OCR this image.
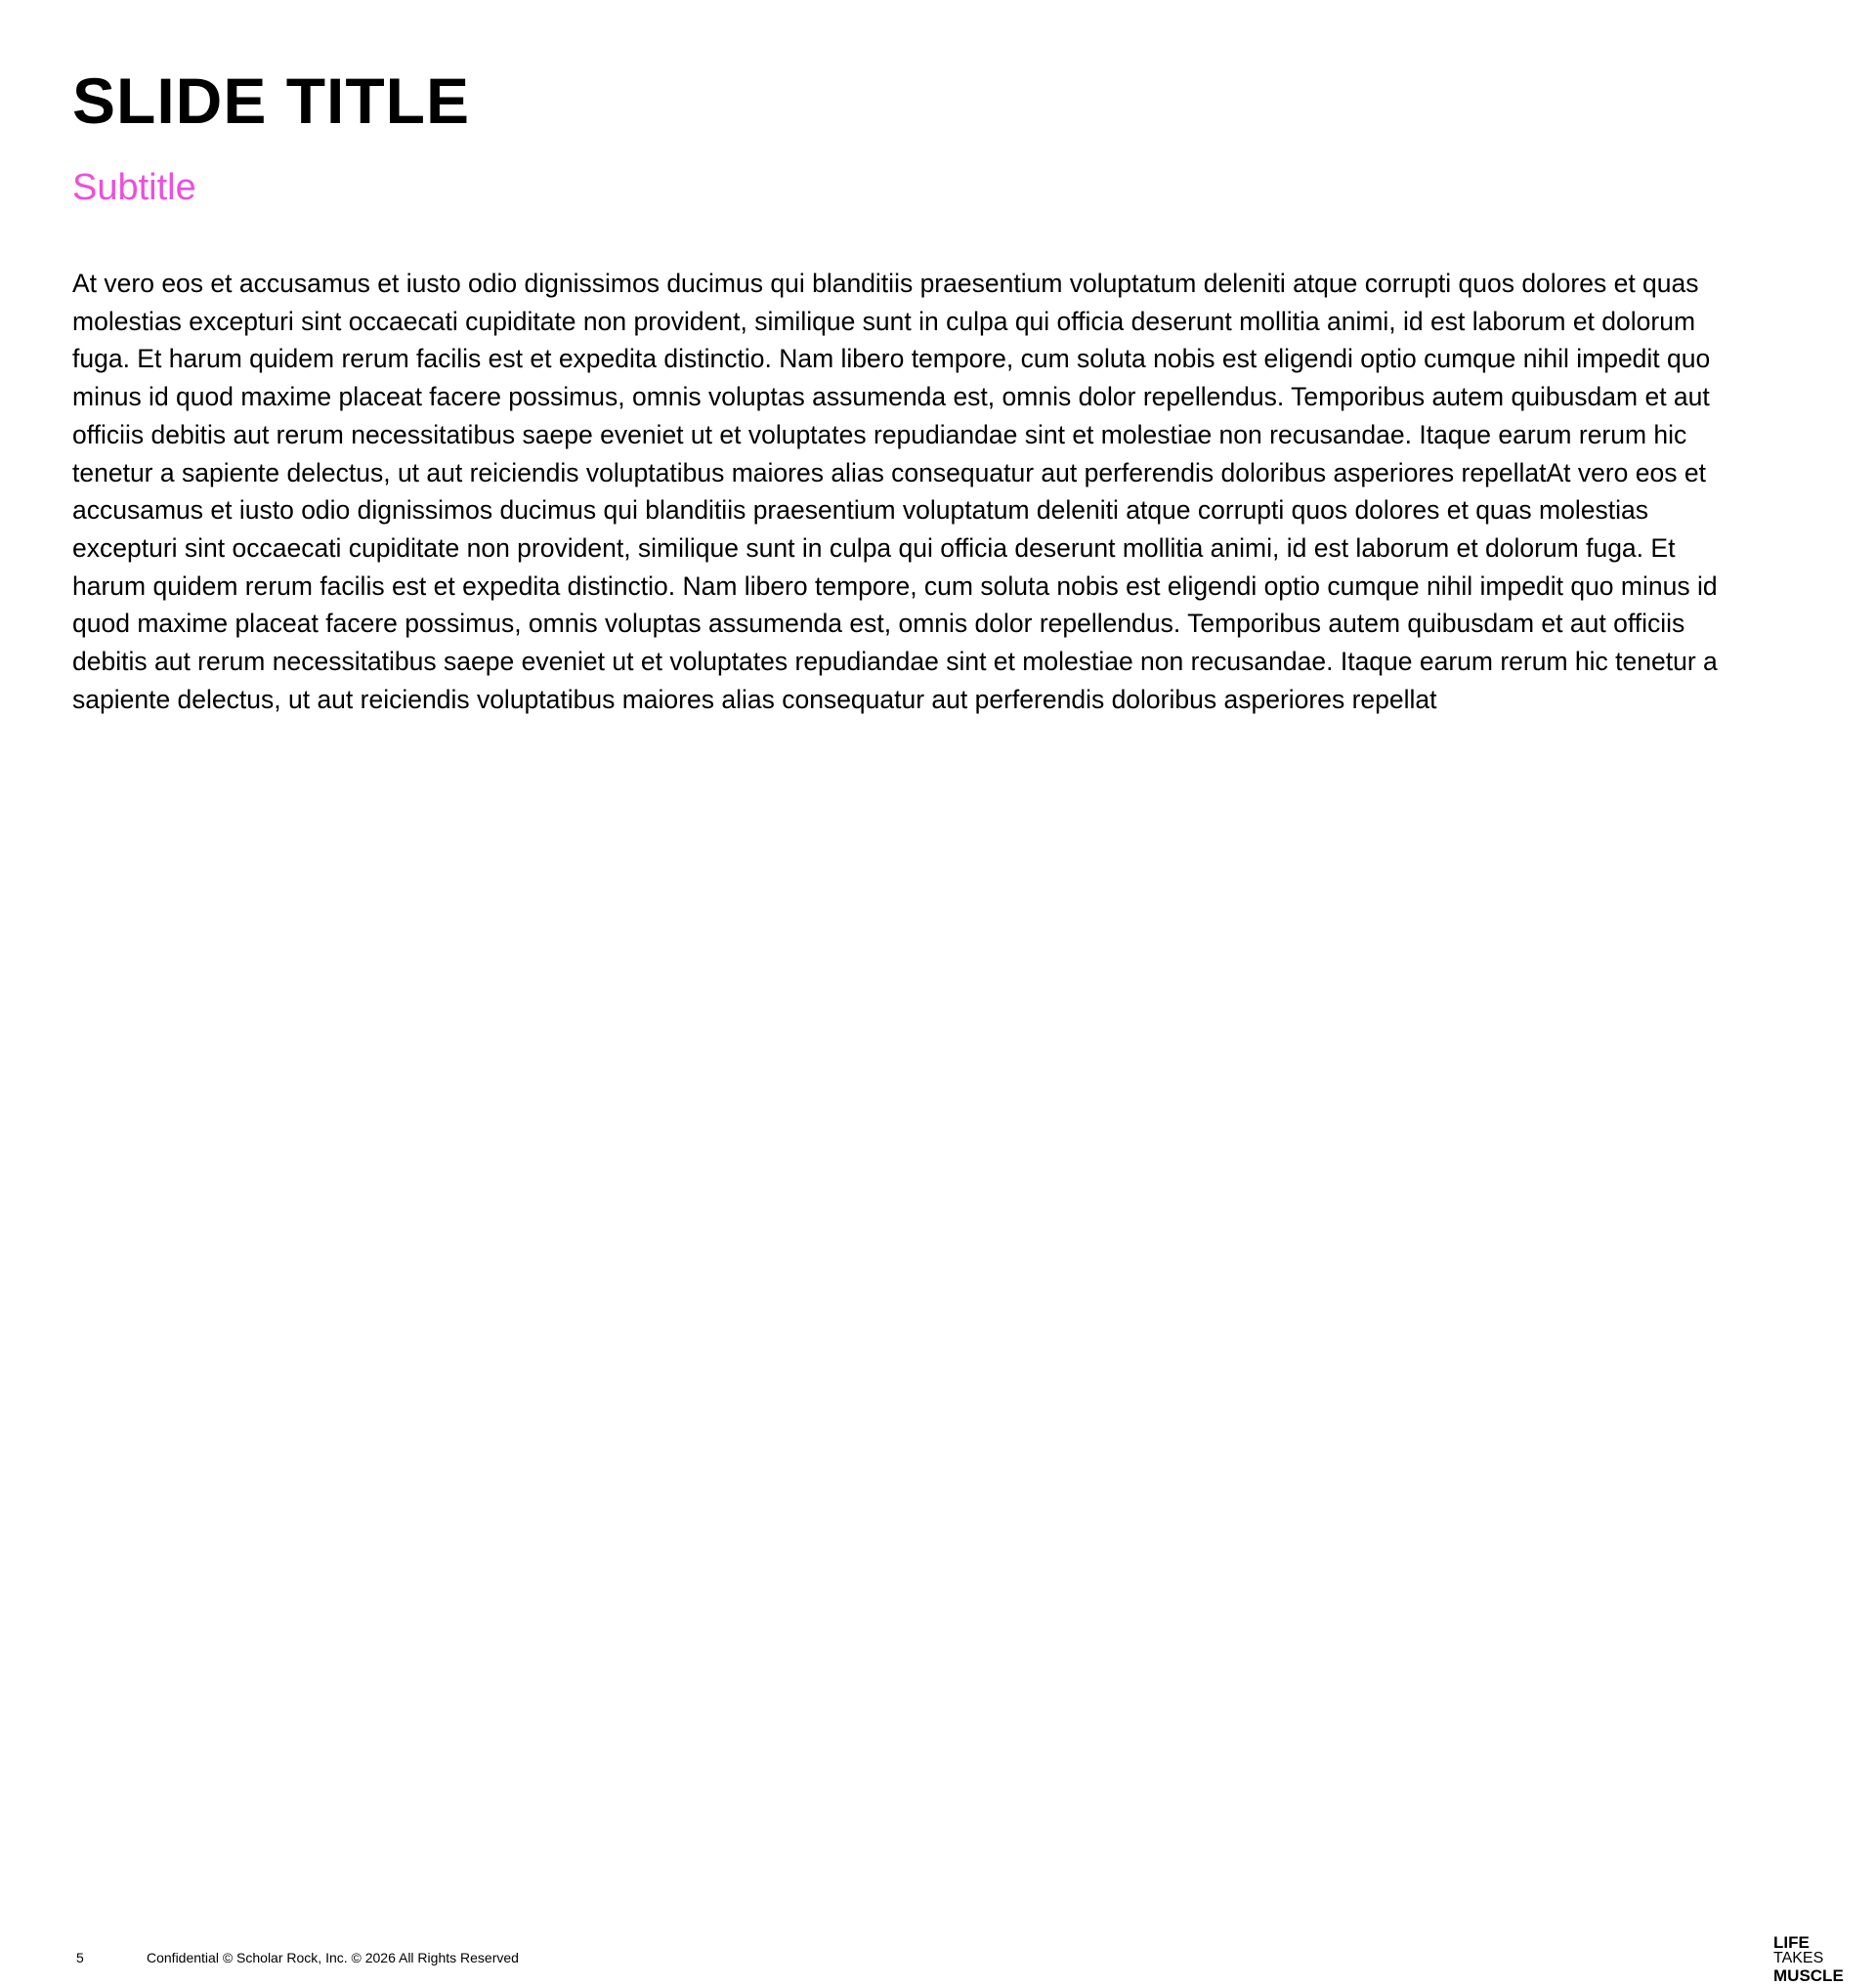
SLIDE TITLE
Subtitle

At vero eos et accusamus et iusto odio dignissimos ducimus qui blanditiis praesentium voluptatum deleniti atque corrupti quos dolores et quas molestias excepturi sint occaecati cupiditate non provident, similique sunt in culpa qui officia deserunt mollitia animi, id est laborum et dolorum fuga. Et harum quidem rerum facilis est et expedita distinctio. Nam libero tempore, cum soluta nobis est eligendi optio cumque nihil impedit quo minus id quod maxime placeat facere possimus, omnis voluptas assumenda est, omnis dolor repellendus. Temporibus autem quibusdam et aut officiis debitis aut rerum necessitatibus saepe eveniet ut et voluptates repudiandae sint et molestiae non recusandae. Itaque earum rerum hic tenetur a sapiente delectus, ut aut reiciendis voluptatibus maiores alias consequatur aut perferendis doloribus asperiores repellatAt vero eos et accusamus et iusto odio dignissimos ducimus qui blanditiis praesentium voluptatum deleniti atque corrupti quos dolores et quas molestias excepturi sint occaecati cupiditate non provident, similique sunt in culpa qui officia deserunt mollitia animi, id est laborum et dolorum fuga. Et harum quidem rerum facilis est et expedita distinctio. Nam libero tempore, cum soluta nobis est eligendi optio cumque nihil impedit quo minus id quod maxime placeat facere possimus, omnis voluptas assumenda est, omnis dolor repellendus. Temporibus autem quibusdam et aut officiis debitis aut rerum necessitatibus saepe eveniet ut et voluptates repudiandae sint et molestiae non recusandae. Itaque earum rerum hic tenetur a sapiente delectus, ut aut reiciendis voluptatibus maiores alias consequatur aut perferendis doloribus asperiores repellat

5	Confidential © Scholar Rock, Inc. © 2026 All Rights Reserved
LIFE
TAKES
MUSCLE
